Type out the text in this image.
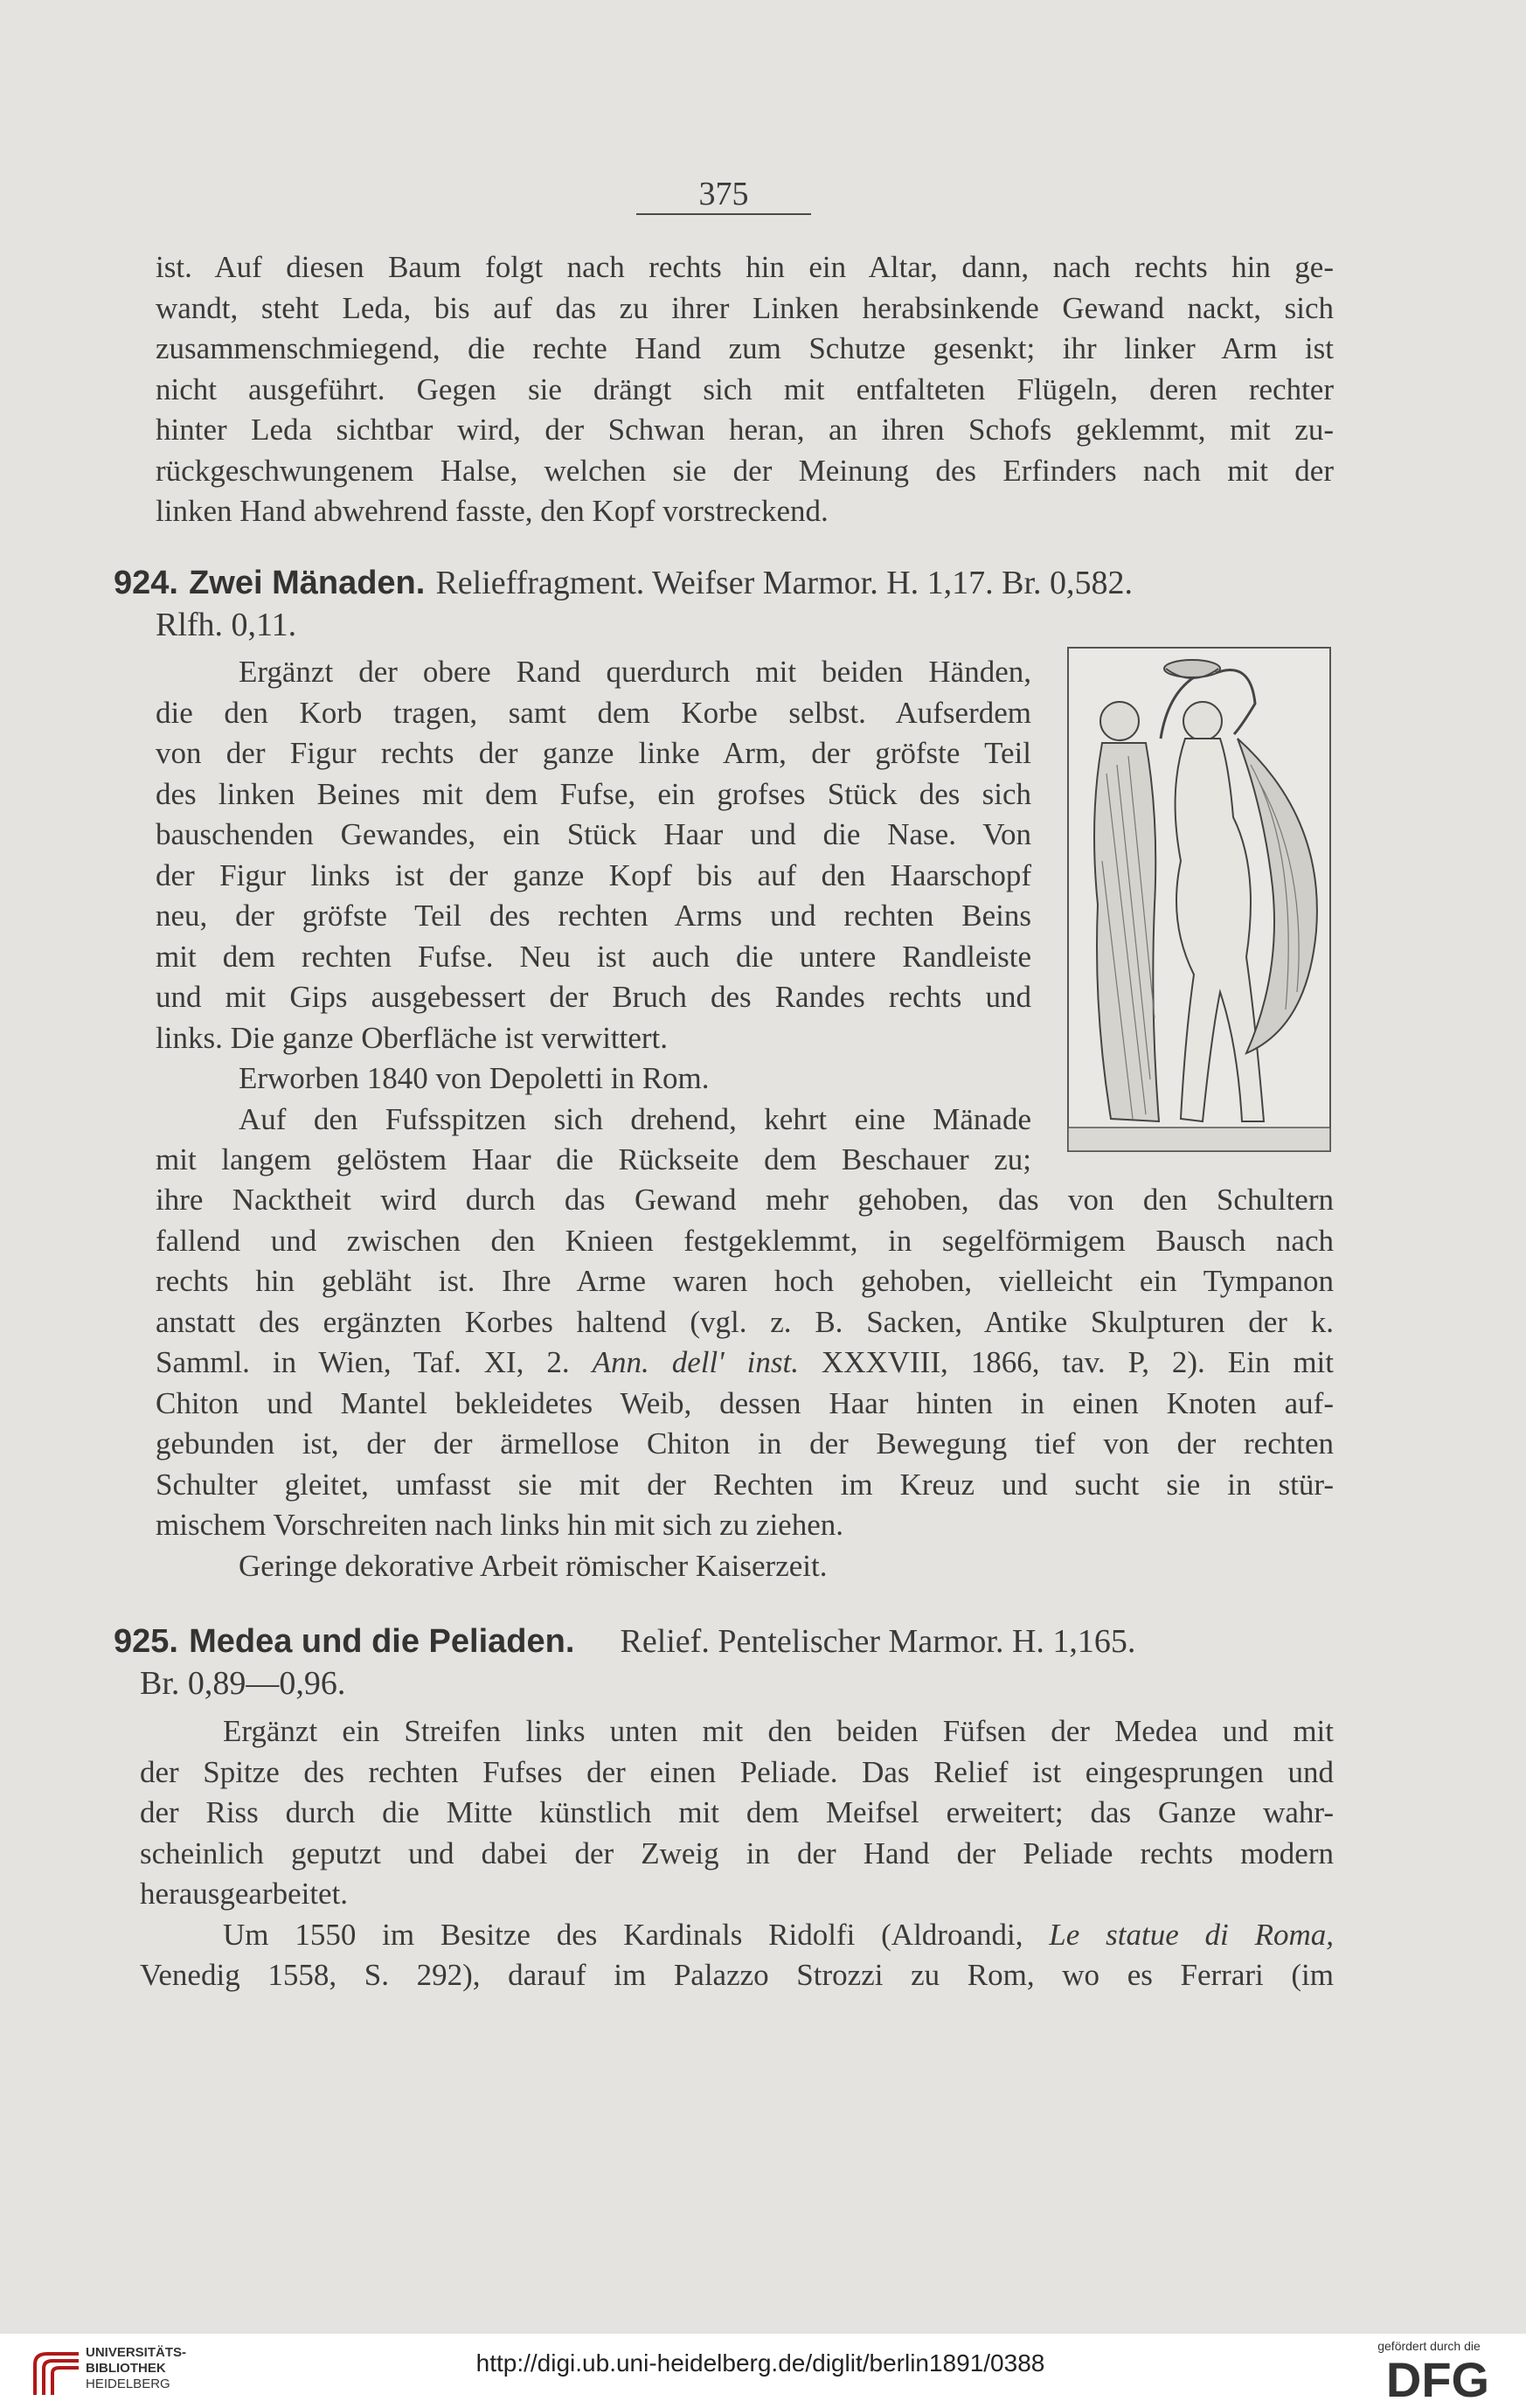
375

ist. Auf diesen Baum folgt nach rechts hin ein Altar, dann, nach rechts hin ge-

wandt, steht Leda, bis auf das zu ihrer Linken herabsinkende Gewand nackt, sich

zusammenschmiegend, die rechte Hand zum Schutze gesenkt; ihr linker Arm ist

nicht ausgeführt. Gegen sie drängt sich mit entfalteten Flügeln, deren rechter

hinter Leda sichtbar wird, der Schwan heran, an ihren Schofs geklemmt, mit zu-

rückgeschwungenem Halse, welchen sie der Meinung des Erfinders nach mit der

linken Hand abwehrend fasste, den Kopf vorstreckend.

924. Zwei Mänaden. Relieffragment. Weifser Marmor. H. 1,17. Br. 0,582.
Rlfh. 0,11.

Ergänzt der obere Rand querdurch mit beiden Händen,

die den Korb tragen, samt dem Korbe selbst. Aufserdem

von der Figur rechts der ganze linke Arm, der gröfste Teil

des linken Beines mit dem Fufse, ein grofses Stück des sich

bauschenden Gewandes, ein Stück Haar und die Nase. Von

der Figur links ist der ganze Kopf bis auf den Haarschopf

neu, der gröfste Teil des rechten Arms und rechten Beins

mit dem rechten Fufse. Neu ist auch die untere Randleiste

und mit Gips ausgebessert der Bruch des Randes rechts und

links. Die ganze Oberfläche ist verwittert.

Erworben 1840 von Depoletti in Rom.

Auf den Fufsspitzen sich drehend, kehrt eine Mänade

mit langem gelöstem Haar die Rückseite dem Beschauer zu;

ihre Nacktheit wird durch das Gewand mehr gehoben, das von den Schultern

fallend und zwischen den Knieen festgeklemmt, in segelförmigem Bausch nach

rechts hin gebläht ist. Ihre Arme waren hoch gehoben, vielleicht ein Tympanon

anstatt des ergänzten Korbes haltend (vgl. z. B. Sacken, Antike Skulpturen der k.

Samml. in Wien, Taf. XI, 2. Ann. dell' inst. XXXVIII, 1866, tav. P, 2). Ein mit

Chiton und Mantel bekleidetes Weib, dessen Haar hinten in einen Knoten auf-

gebunden ist, der der ärmellose Chiton in der Bewegung tief von der rechten

Schulter gleitet, umfasst sie mit der Rechten im Kreuz und sucht sie in stür-

mischem Vorschreiten nach links hin mit sich zu ziehen.

Geringe dekorative Arbeit römischer Kaiserzeit.

925. Medea und die Peliaden. Relief. Pentelischer Marmor. H. 1,165.
Br. 0,89—0,96.

Ergänzt ein Streifen links unten mit den beiden Füfsen der Medea und mit

der Spitze des rechten Fufses der einen Peliade. Das Relief ist eingesprungen und

der Riss durch die Mitte künstlich mit dem Meifsel erweitert; das Ganze wahr-

scheinlich geputzt und dabei der Zweig in der Hand der Peliade rechts modern

herausgearbeitet.

Um 1550 im Besitze des Kardinals Ridolfi (Aldroandi, Le statue di Roma,

Venedig 1558, S. 292), darauf im Palazzo Strozzi zu Rom, wo es Ferrari (im

UNIVERSITÄTS-
BIBLIOTHEK
HEIDELBERG
http://digi.ub.uni-heidelberg.de/diglit/berlin1891/0388
gefördert durch die
DFG
